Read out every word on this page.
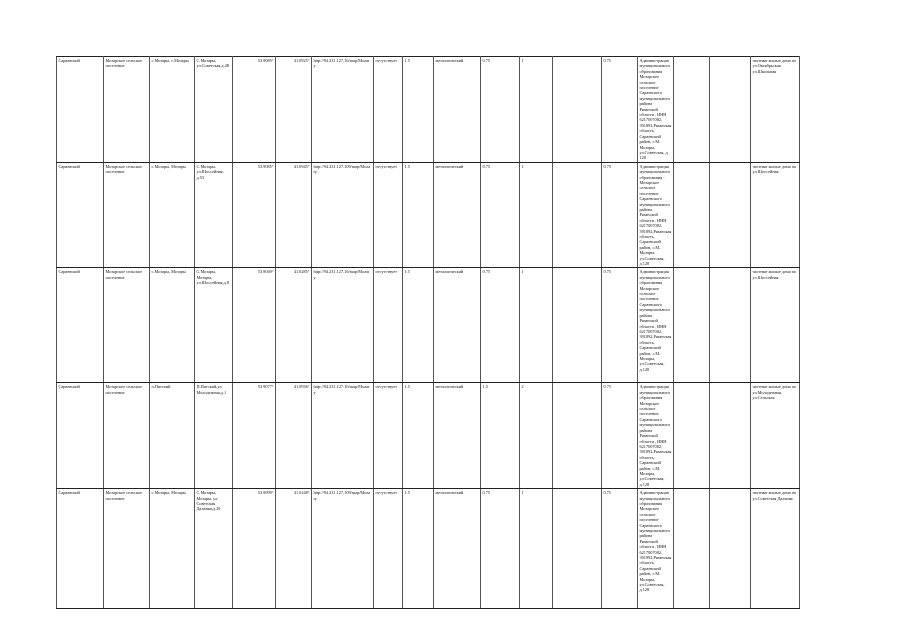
Сараевский	Мозарское сельское поселение	с.Мозары, с.Мозары	С.Мозары, ул.Советская,д.48	53.9085°	41.0925°	http://94.231.127.16/map/Mozary	отсутствует	1.5	металлический	0.75	1		0.75	Администрация муниципального образования Мозарское сельское поселение Сараевского муниципального района Рязанской области , ИНН 6217007082, 391892,Рязанская область, Сараевский район, с.М.. Мозары, ул.Советская, д. 128			частные жилые дома по ул.Октябрьская ул.Школьная
Сараевский	Мозарское сельское поселение	с.Мозары, Мозары	С.Мозары, ул.Шоссейная, д.53	53.9085°	41.0945°	http://94.231.127.109/map/Mozary	отсутствует	1.5	металлический	0.75	1		0.75	Администрация муниципального образования - Мозарское сельское поселение Сараевского муниципального района Рязанской области , ИНН 6217007082, 391892,Рязанская область, Сараевский район, с.М.. Мозары, ул.Советская, д.128			частные жилые дома по ул.Шоссейная
Сараевский	Мозарское сельское поселение	с.Мозары, Мозары	С.Мозары, Мозары, ул.Шоссейная,д.8	53.9049°	41.0285°	http://94.231.127.16/map/Mozary	отсутствует	1.5	металлический	0.75	1		0.75	Администрация муниципального образования Мозарское сельское поселение Сараевского муниципального района Рязанской области , ИНН 6217007082, 391892,Рязанская область, Сараевский район, с.М.. Мозары, ул.Советская, д.128			частные жилые дома по ул.Шоссейная
Сараевский	Мозарское сельское поселение	п.Пятский	П.Пятский,ул. Молодежная,д.1	53.9077°	41.0936°	http://94.231.127.16/map/Mozary	отсутствует	1.5	металлический	1.5	2		0.75	Администрация муниципального образования Мозарское сельское поселение Сараевского муниципального района Рязанской области , ИНН 6217007082, 391892,Рязанская область, Сараевский район, с.М.. Мозары, ул.Советская, д.128			частные жилые дома по ул.Молодежная, ул.Сельская
Сараевский	Мозарское сельское поселение	с.Мозары, Мозары	С.Мозары, Мозары, ул. Советская Дальняя,д.29	53.9099°	41.0248°	http://94.231.127.109/map/Mozary	отсутствует	1.5	металлический	0.75	1		0.75	Администрация муниципального образования Мозарское сельское поселение Сараевского муниципального района Рязанской области , ИНН 6217007082, 391892,Рязанская область, Сараевский район, с.М.. Мозары, ул.Советская, д.128			частные жилые дома по ул.Советская Дальняя
